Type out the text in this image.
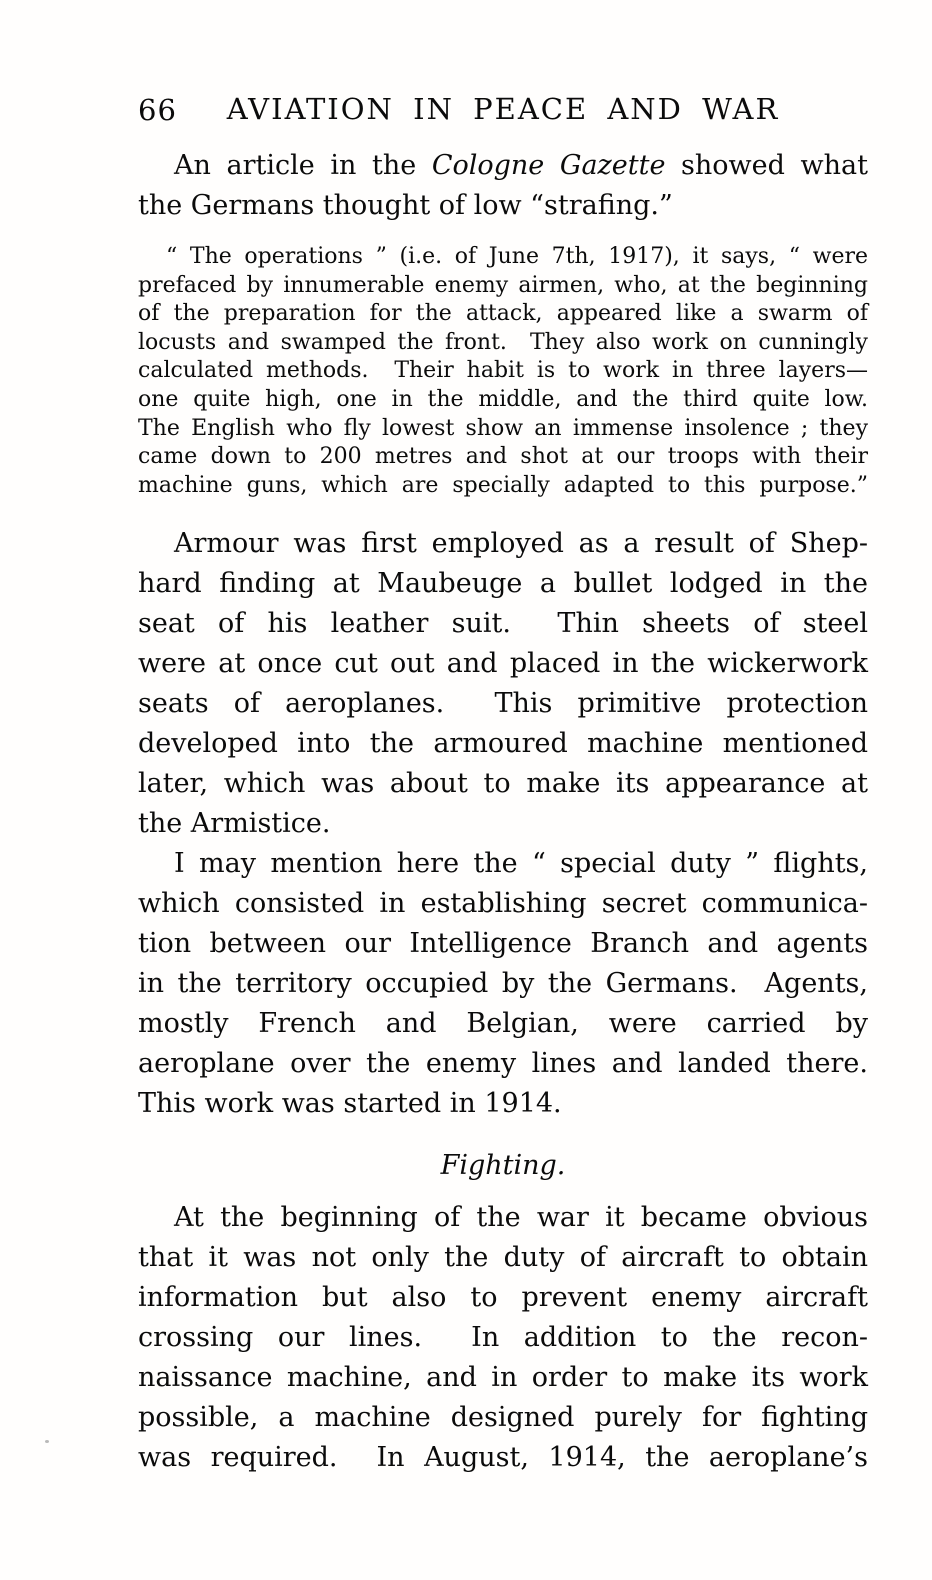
66	AVIATION IN PEACE AND WAR
An article in the Cologne Gazette showed what
the Germans thought of low “strafing.”
“ The operations ” (i.e. of June 7th, 1917), it says, “ were
prefaced by innumerable enemy airmen, who, at the beginning
of the preparation for the attack, appeared like a swarm of
locusts and swamped the front.  They also work on cunningly
calculated methods.  Their habit is to work in three layers—
one quite high, one in the middle, and the third quite low.
The English who fly lowest show an immense insolence ; they
came down to 200 metres and shot at our troops with their
machine guns, which are specially adapted to this purpose.”
Armour was first employed as a result of Shep-
hard finding at Maubeuge a bullet lodged in the
seat of his leather suit.  Thin sheets of steel
were at once cut out and placed in the wickerwork
seats of aeroplanes.  This primitive protection
developed into the armoured machine mentioned
later, which was about to make its appearance at
the Armistice.
I may mention here the “ special duty ” flights,
which consisted in establishing secret communica-
tion between our Intelligence Branch and agents
in the territory occupied by the Germans.  Agents,
mostly French and Belgian, were carried by
aeroplane over the enemy lines and landed there.
This work was started in 1914.
Fighting.
At the beginning of the war it became obvious
that it was not only the duty of aircraft to obtain
information but also to prevent enemy aircraft
crossing our lines.  In addition to the recon-
naissance machine, and in order to make its work
possible, a machine designed purely for fighting
was required.  In August, 1914, the aeroplane’s
